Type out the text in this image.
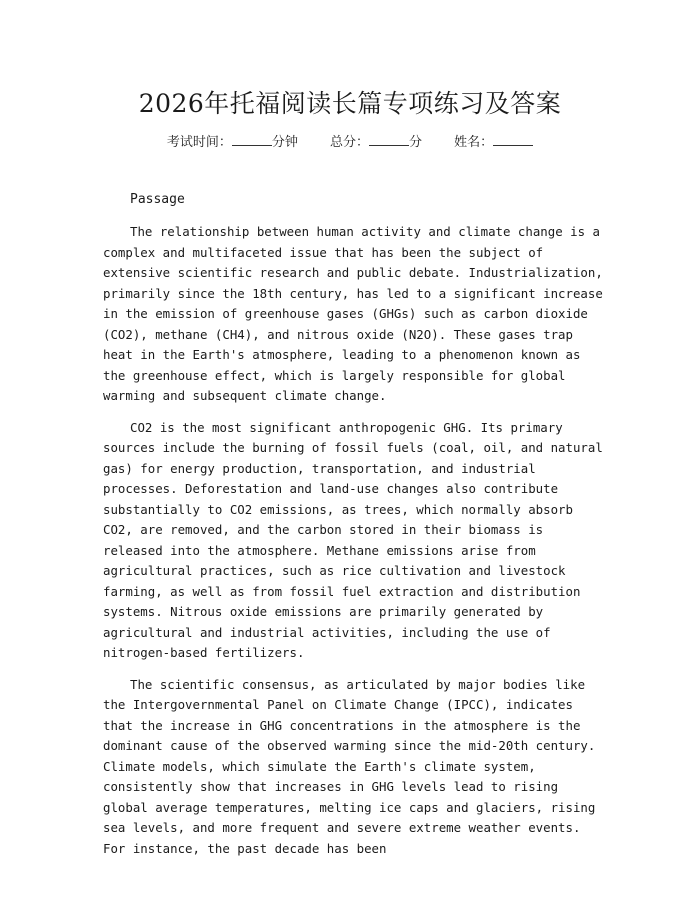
2026年托福阅读长篇专项练习及答案
考试时间：	分钟 总分：	分 姓名：
Passage

The relationship between human activity and climate change is a complex and multifaceted issue that has been the subject of extensive scientific research and public debate. Industrialization, primarily since the 18th century, has led to a significant increase in the emission of greenhouse gases (GHGs) such as carbon dioxide (CO2), methane (CH4), and nitrous oxide (N2O). These gases trap heat in the Earth's atmosphere, leading to a phenomenon known as the greenhouse effect, which is largely responsible for global warming and subsequent climate change.

CO2 is the most significant anthropogenic GHG. Its primary sources include the burning of fossil fuels (coal, oil, and natural gas) for energy production, transportation, and industrial processes. Deforestation and land-use changes also contribute substantially to CO2 emissions, as trees, which normally absorb CO2, are removed, and the carbon stored in their biomass is released into the atmosphere. Methane emissions arise from agricultural practices, such as rice cultivation and livestock farming, as well as from fossil fuel extraction and distribution systems. Nitrous oxide emissions are primarily generated by agricultural and industrial activities, including the use of nitrogen-based fertilizers.

The scientific consensus, as articulated by major bodies like the Intergovernmental Panel on Climate Change (IPCC), indicates that the increase in GHG concentrations in the atmosphere is the dominant cause of the observed warming since the mid-20th century. Climate models, which simulate the Earth's climate system, consistently show that increases in GHG levels lead to rising global average temperatures, melting ice caps and glaciers, rising sea levels, and more frequent and severe extreme weather events. For instance, the past decade has been
